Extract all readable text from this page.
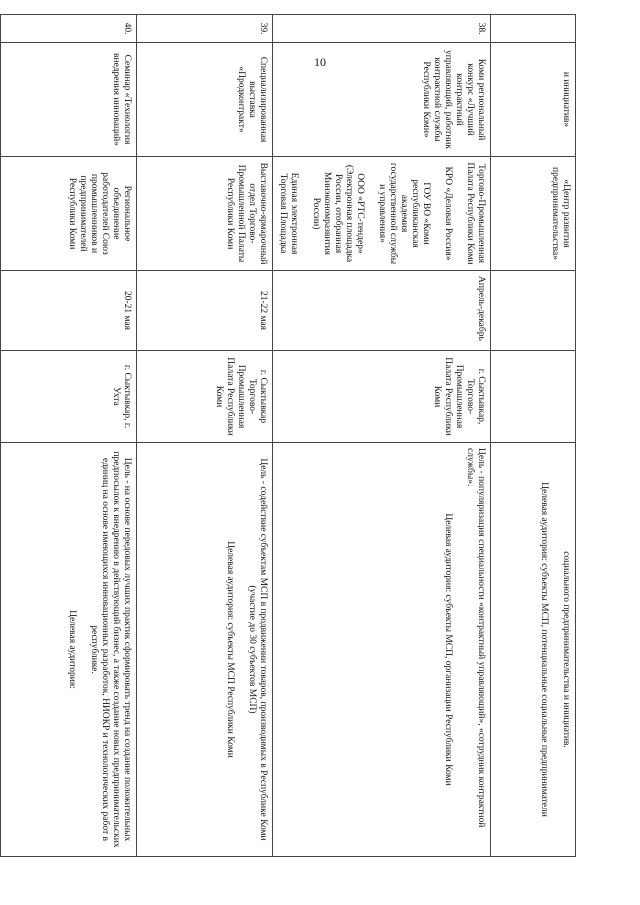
10
	и инициатив»	«Центр развития предпринимательства»			социального предпринимательства и инициатив.
Целевая аудитория: субъекты МСП, потенциальные социальные предприниматели

38.	Коми региональный конкурс «Лучший контрактный управляющий, работник контрактной службы Республики Коми»	Торгово-Промышленная Палата Республики Коми
КРО «Деловая Россия»
ГОУ ВО «Коми республиканская академия государственной службы и управления»
ООО «РТС-тендер» (Электронная площадка России, отобранная Минэкономразвития России)
Единая электронная Торговая Площадка	Апрель-декабрь	г. Сыктывкар, Торгово-Промышленная Палата Республики Коми	Цель - популяризация специальности «контрактный управляющий», «сотрудник контрактной службы».
Целевая аудитория: субъекты МСП, организации Республики Коми

39.	Специализированная выставка «Продконтракт»	Выставочно-ярмарочный отдел Торгово-Промышленной Палаты Республики Коми	21-22 мая	г. Сыктывкар Торгово-Промышленная Палата Республики Коми	Цель - содействие субъектам МСП в продвижении товаров, производимых в Республике Коми (участие до 30 субъектов МСП)
Целевая аудитория: субъекты МСП Республики Коми

40.	Семинар «Технология внедрения инноваций»	Региональное объединение работодателей Союз промышленников и предпринимателей Республики Коми	20-21 мая	г. Сыктывкар, г. Ухта	Цель - на основе передовых лучших практик сформировать тренд на создание положительных предпосылок к внедрению в действующий бизнес, а также создание новых предпринимательских единиц на основе имеющихся инновационных разработок, НИОКР и технологических работ в республике.
Целевая аудитория:
